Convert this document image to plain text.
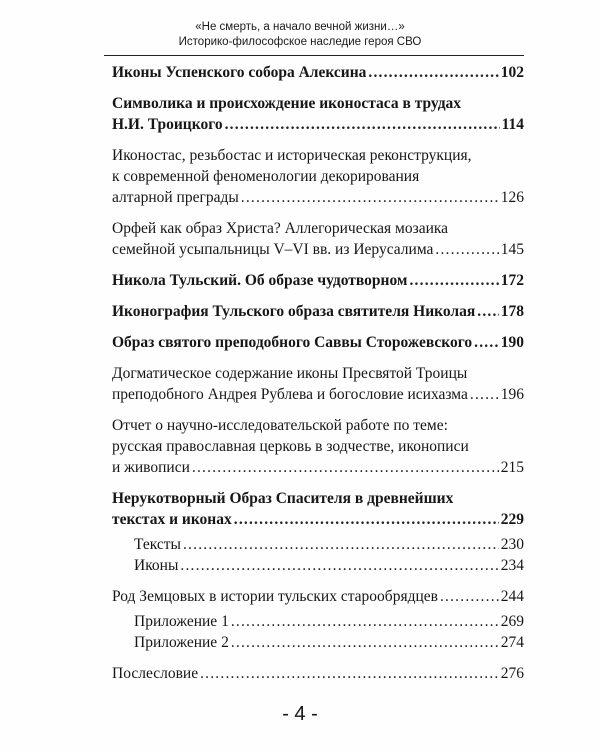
«Не смерть, а начало вечной жизни…»
Историко-философское наследие героя СВО
Иконы Успенского собора Алексина .....	102
Символика и происхождение иконостаса в трудах
Н.И. Троицкого .....	114
Иконостас, резьбостас и историческая реконструкция,
к современной феноменологии декорирования
алтарной преграды .....	126
Орфей как образ Христа? Аллегорическая мозаика
семейной усыпальницы V–VI вв. из Иерусалима .....	145
Никола Тульский. Об образе чудотворном .....	172
Иконография Тульского образа святителя Николая ..... 178
Образ святого преподобного Саввы Сторожевского ..... 190
Догматическое содержание иконы Пресвятой Троицы
преподобного Андрея Рублева и богословие исихазма ..... 196
Отчет о научно-исследовательской работе по теме:
русская православная церковь в зодчестве, иконописи
и живописи .....	215
Нерукотворный Образ Спасителя в древнейших
текстах и иконах .....	229
Тексты .....	230
Иконы .....	234
Род Земцовых в истории тульских старообрядцев .....	244
Приложение 1 .....	269
Приложение 2 .....	274
Послесловие .....	276
- 4 -
